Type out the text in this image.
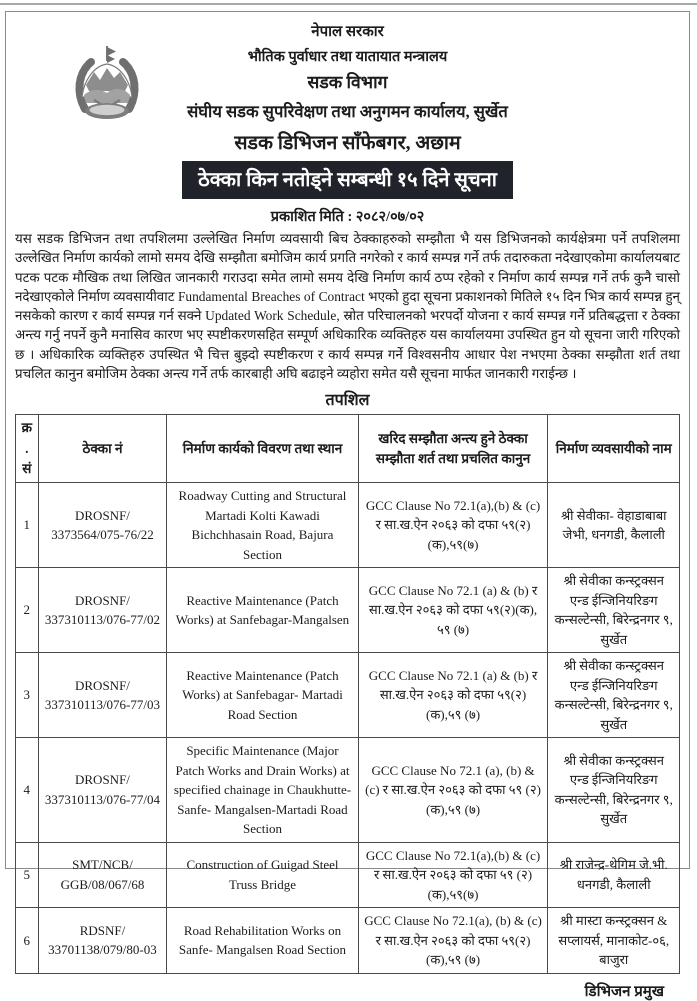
नेपाल सरकार
भौतिक पुर्वाधार तथा यातायात मन्त्रालय
सडक विभाग
संघीय सडक सुपरिवेक्षण तथा अनुगमन कार्यालय, सुर्खेत
सडक डिभिजन साँफेबगर, अछाम
ठेक्का किन नतोड्ने सम्बन्धी १५ दिने सूचना
प्रकाशित मिति : २०८२/०७/०२
यस सडक डिभिजन तथा तपशिलमा उल्लेखित निर्माण व्यवसायी बिच ठेक्काहरुको सम्झौता भै यस डिभिजनको कार्यक्षेत्रमा पर्ने तपशिलमा उल्लेखित निर्माण कार्यको लामो समय देखि सम्झौता बमोजिम कार्य प्रगति नगरेको र कार्य सम्पन्न गर्ने तर्फ तदारुकता नदेखाएकोमा कार्यालयबाट पटक पटक मौखिक तथा लिखित जानकारी गराउदा समेत लामो समय देखि निर्माण कार्य ठप्प रहेको र निर्माण कार्य सम्पन्न गर्ने तर्फ कुनै चासो नदेखाएकोले निर्माण व्यवसायीवाट Fundamental Breaches of Contract भएको हुदा सूचना प्रकाशनको मितिले १५ दिन भित्र कार्य सम्पन्न हुन् नसकेको कारण र कार्य सम्पन्न गर्न सक्ने Updated Work Schedule, स्रोत परिचालनको भरपर्दो योजना र कार्य सम्पन्न गर्ने प्रतिबद्धत्ता र ठेक्का अन्त्य गर्नु नपर्ने कुनै मनासिव कारण भए स्पष्टीकरणसहित सम्पूर्ण अधिकारिक व्यक्तिहरु यस कार्यालयमा उपस्थित हुन यो सूचना जारी गरिएको छ । अधिकारिक व्यक्तिहरु उपस्थित भै चित्त बुझ्दो स्पष्टीकरण र कार्य सम्पन्न गर्ने विश्वसनीय आधार पेश नभएमा ठेक्का सम्झौता शर्त तथा प्रचलित कानुन बमोजिम ठेक्का अन्त्य गर्ने तर्फ कारबाही अघि बढाइने व्यहोरा समेत यसै सूचना मार्फत जानकारी गराईन्छ ।
तपशिल
क्र. सं	ठेक्का नं	निर्माण कार्यको विवरण तथा स्थान	खरिद सम्झौता अन्त्य हुने ठेक्का सम्झौता शर्त तथा प्रचलित कानुन	निर्माण व्यवसायीको नाम
1	DROSNF/ 3373564/075-76/22	Roadway Cutting and Structural Martadi Kolti Kawadi Bichchhasain Road, Bajura Section	GCC Clause No 72.1(a),(b) & (c) र सा.ख.ऐन २०६३ को दफा ५९(२)(क),५९(७)	श्री सेवीका- वेहाडाबाबा जेभी, धनगडी, कैलाली
2	DROSNF/ 337310113/076-77/02	Reactive Maintenance (Patch Works) at Sanfebagar-Mangalsen	GCC Clause No 72.1 (a) & (b) र सा.ख.ऐन २०६३ को दफा ५९(२)(क), ५९ (७)	श्री सेवीका कन्स्ट्रक्सन एन्ड ईन्जिनियरिङग कन्सल्टेन्सी, बिरेन्द्रनगर ९, सुर्खेत
3	DROSNF/ 337310113/076-77/03	Reactive Maintenance (Patch Works) at Sanfebagar- Martadi Road Section	GCC Clause No 72.1 (a) & (b) र सा.ख.ऐन २०६३ को दफा ५९(२) (क),५९ (७)	श्री सेवीका कन्स्ट्रक्सन एन्ड ईन्जिनियरिङग कन्सल्टेन्सी, बिरेन्द्रनगर ९, सुर्खेत
4	DROSNF/ 337310113/076-77/04	Specific Maintenance (Major Patch Works and Drain Works) at specified chainage in Chaukhutte- Sanfe- Mangalsen-Martadi Road Section	GCC Clause No 72.1 (a), (b) & (c) र सा.ख.ऐन २०६३ को दफा ५९ (२)(क),५९ (७)	श्री सेवीका कन्स्ट्रक्सन एन्ड ईन्जिनियरिङग कन्सल्टेन्सी, बिरेन्द्रनगर ९, सुर्खेत
5	SMT/NCB/ GGB/08/067/68	Construction of Guigad Steel Truss Bridge	GCC Clause No 72.1(a),(b) & (c) र सा.ख.ऐन २०६३ को दफा ५९ (२) (क),५९(७)	श्री राजेन्द्र-थेगिम जे.भी. धनगडी, कैलाली
6	RDSNF/ 33701138/079/80-03	Road Rehabilitation Works on Sanfe- Mangalsen Road Section	GCC Clause No 72.1(a), (b) & (c) र सा.ख.ऐन २०६३ को दफा ५९(२) (क),५९ (७)	श्री मास्टा कन्स्ट्रक्सन & सप्लायर्स, मानाकोट-०६, बाजुरा
डिभिजन प्रमुख
